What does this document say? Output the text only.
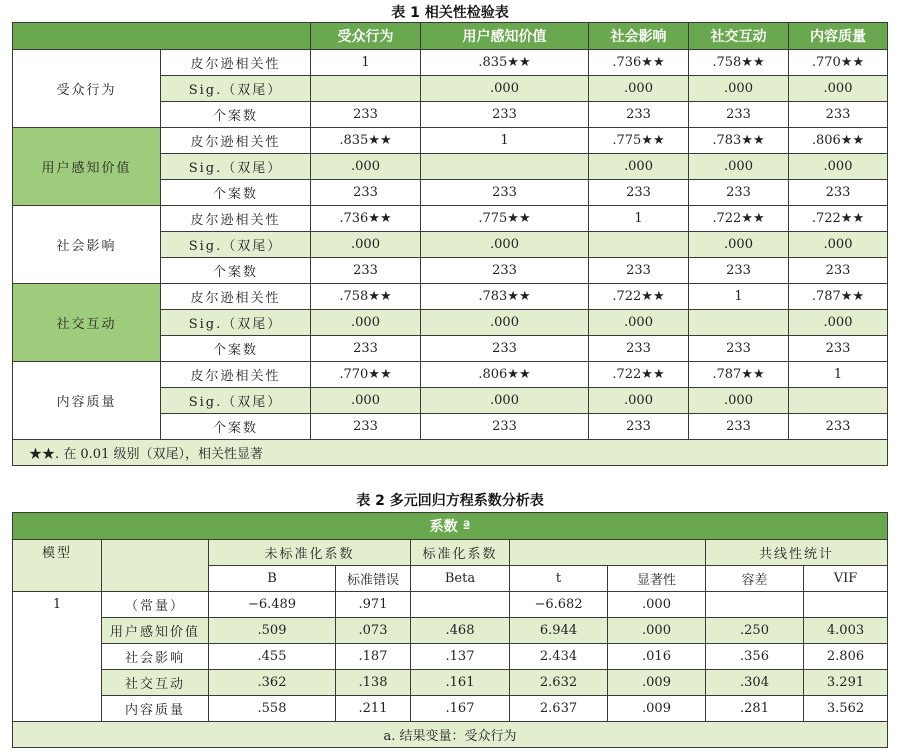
表 1 相关性检验表
		受众行为	用户感知价值	社会影响	社交互动	内容质量
受众行为	皮尔逊相关性	1	.835★★	.736★★	.758★★	.770★★
	Sig.（双尾）		.000	.000	.000	.000
	个案数	233	233	233	233	233
用户感知价值	皮尔逊相关性	.835★★	1	.775★★	.783★★	.806★★
	Sig.（双尾）	.000		.000	.000	.000
	个案数	233	233	233	233	233
社会影响	皮尔逊相关性	.736★★	.775★★	1	.722★★	.722★★
	Sig.（双尾）	.000	.000		.000	.000
	个案数	233	233	233	233	233
社交互动	皮尔逊相关性	.758★★	.783★★	.722★★	1	.787★★
	Sig.（双尾）	.000	.000	.000		.000
	个案数	233	233	233	233	233
内容质量	皮尔逊相关性	.770★★	.806★★	.722★★	.787★★	1
	Sig.（双尾）	.000	.000	.000	.000	
	个案数	233	233	233	233	233
★★. 在 0.01 级别（双尾），相关性显著						
表 2 多元回归方程系数分析表
系数 ª								
模型		未标准化系数		标准化系数			共线性统计	
		B	标准错误	Beta	t	显著性	容差	VIF
1	（常量）	−6.489	.971		−6.682	.000		
	用户感知价值	.509	.073	.468	6.944	.000	.250	4.003
	社会影响	.455	.187	.137	2.434	.016	.356	2.806
	社交互动	.362	.138	.161	2.632	.009	.304	3.291
	内容质量	.558	.211	.167	2.637	.009	.281	3.562
a. 结果变量：受众行为								
